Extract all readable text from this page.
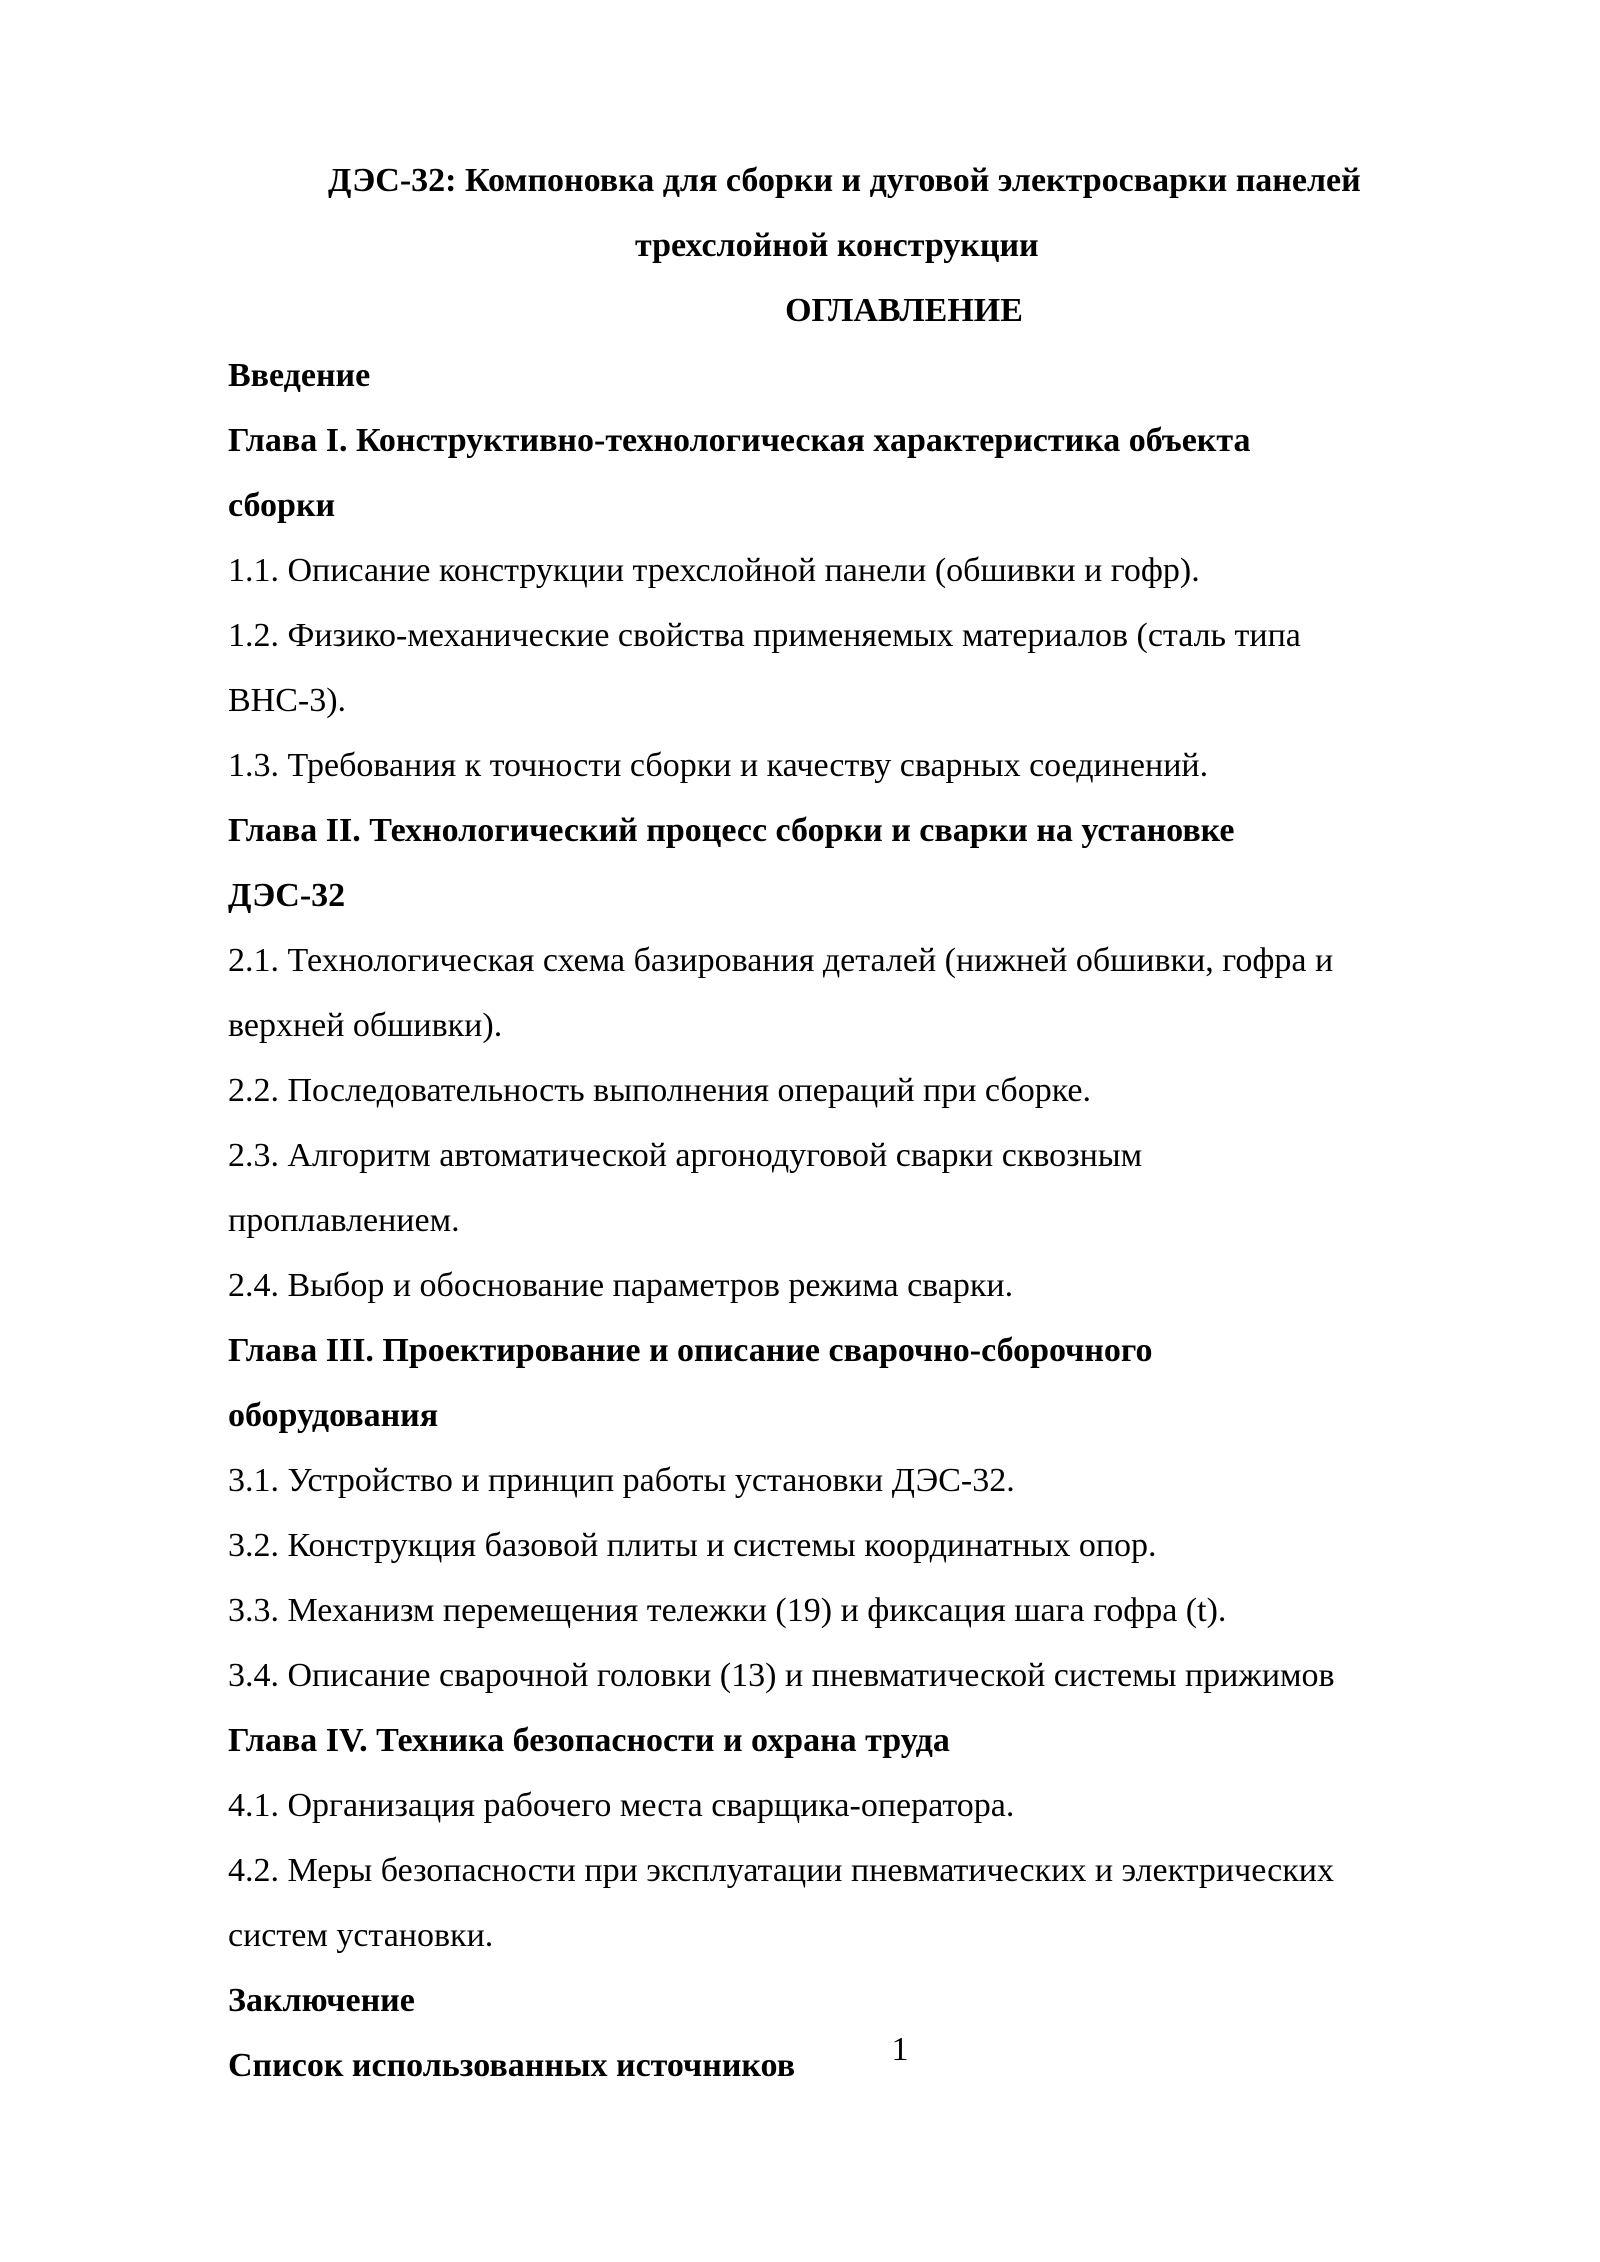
ДЭС-32: Компоновка для сборки и дуговой электросварки панелей
трехслойной конструкции
ОГЛАВЛЕНИЕ
Введение
Глава I. Конструктивно-технологическая характеристика объекта
сборки
1.1. Описание конструкции трехслойной панели (обшивки и гофр).
1.2. Физико-механические свойства применяемых материалов (сталь типа
ВНС-3).
1.3. Требования к точности сборки и качеству сварных соединений.
Глава II. Технологический процесс сборки и сварки на установке
ДЭС-32
2.1. Технологическая схема базирования деталей (нижней обшивки, гофра и
верхней обшивки).
2.2. Последовательность выполнения операций при сборке.
2.3. Алгоритм автоматической аргонодуговой сварки сквозным
проплавлением.
2.4. Выбор и обоснование параметров режима сварки.
Глава III. Проектирование и описание сварочно-сборочного
оборудования
3.1. Устройство и принцип работы установки ДЭС-32.
3.2. Конструкция базовой плиты и системы координатных опор.
3.3. Механизм перемещения тележки (19) и фиксация шага гофра (t).
3.4. Описание сварочной головки (13) и пневматической системы прижимов
Глава IV. Техника безопасности и охрана труда
4.1. Организация рабочего места сварщика-оператора.
4.2. Меры безопасности при эксплуатации пневматических и электрических
систем установки.
Заключение
Список использованных источников	1
